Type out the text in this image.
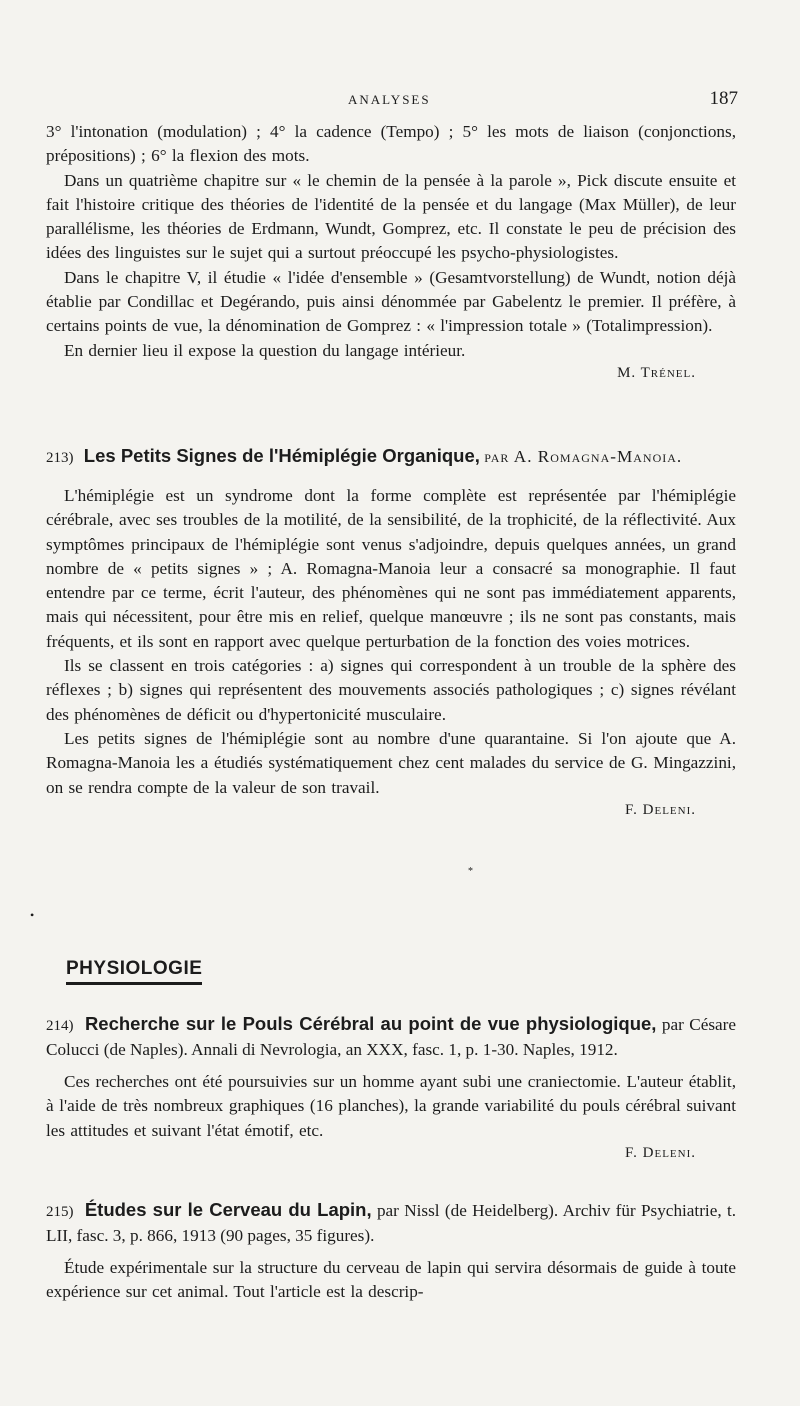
ANALYSES	187

3° l'intonation (modulation) ; 4° la cadence (Tempo) ; 5° les mots de liaison (conjonctions, prépositions) ; 6° la flexion des mots.

Dans un quatrième chapitre sur « le chemin de la pensée à la parole », Pick discute ensuite et fait l'histoire critique des théories de l'identité de la pensée et du langage (Max Müller), de leur parallélisme, les théories de Erdmann, Wundt, Gomprez, etc. Il constate le peu de précision des idées des linguistes sur le sujet qui a surtout préoccupé les psycho-physiologistes.

Dans le chapitre V, il étudie « l'idée d'ensemble » (Gesamtvorstellung) de Wundt, notion déjà établie par Condillac et Degérando, puis ainsi dénommée par Gabelentz le premier. Il préfère, à certains points de vue, la dénomination de Gomprez : « l'impression totale » (Totalimpression).

En dernier lieu il expose la question du langage intérieur.

M. Trénel.

213) Les Petits Signes de l'Hémiplégie Organique, par A. Romagna-Manoia.

L'hémiplégie est un syndrome dont la forme complète est représentée par l'hémiplégie cérébrale, avec ses troubles de la motilité, de la sensibilité, de la trophicité, de la réflectivité. Aux symptômes principaux de l'hémiplégie sont venus s'adjoindre, depuis quelques années, un grand nombre de « petits signes » ; A. Romagna-Manoia leur a consacré sa monographie. Il faut entendre par ce terme, écrit l'auteur, des phénomènes qui ne sont pas immédiatement apparents, mais qui nécessitent, pour être mis en relief, quelque manœuvre ; ils ne sont pas constants, mais fréquents, et ils sont en rapport avec quelque perturbation de la fonction des voies motrices.

Ils se classent en trois catégories : a) signes qui correspondent à un trouble de la sphère des réflexes ; b) signes qui représentent des mouvements associés pathologiques ; c) signes révélant des phénomènes de déficit ou d'hypertonicité musculaire.

Les petits signes de l'hémiplégie sont au nombre d'une quarantaine. Si l'on ajoute que A. Romagna-Manoia les a étudiés systématiquement chez cent malades du service de G. Mingazzini, on se rendra compte de la valeur de son travail.

F. Deleni.
*
•
PHYSIOLOGIE

214) Recherche sur le Pouls Cérébral au point de vue physiologique, par Césare Colucci (de Naples). Annali di Nevrologia, an XXX, fasc. 1, p. 1-30. Naples, 1912.

Ces recherches ont été poursuivies sur un homme ayant subi une craniectomie. L'auteur établit, à l'aide de très nombreux graphiques (16 planches), la grande variabilité du pouls cérébral suivant les attitudes et suivant l'état émotif, etc.

F. Deleni.

215) Études sur le Cerveau du Lapin, par Nissl (de Heidelberg). Archiv für Psychiatrie, t. LII, fasc. 3, p. 866, 1913 (90 pages, 35 figures).

Étude expérimentale sur la structure du cerveau de lapin qui servira désormais de guide à toute expérience sur cet animal. Tout l'article est la descrip-
